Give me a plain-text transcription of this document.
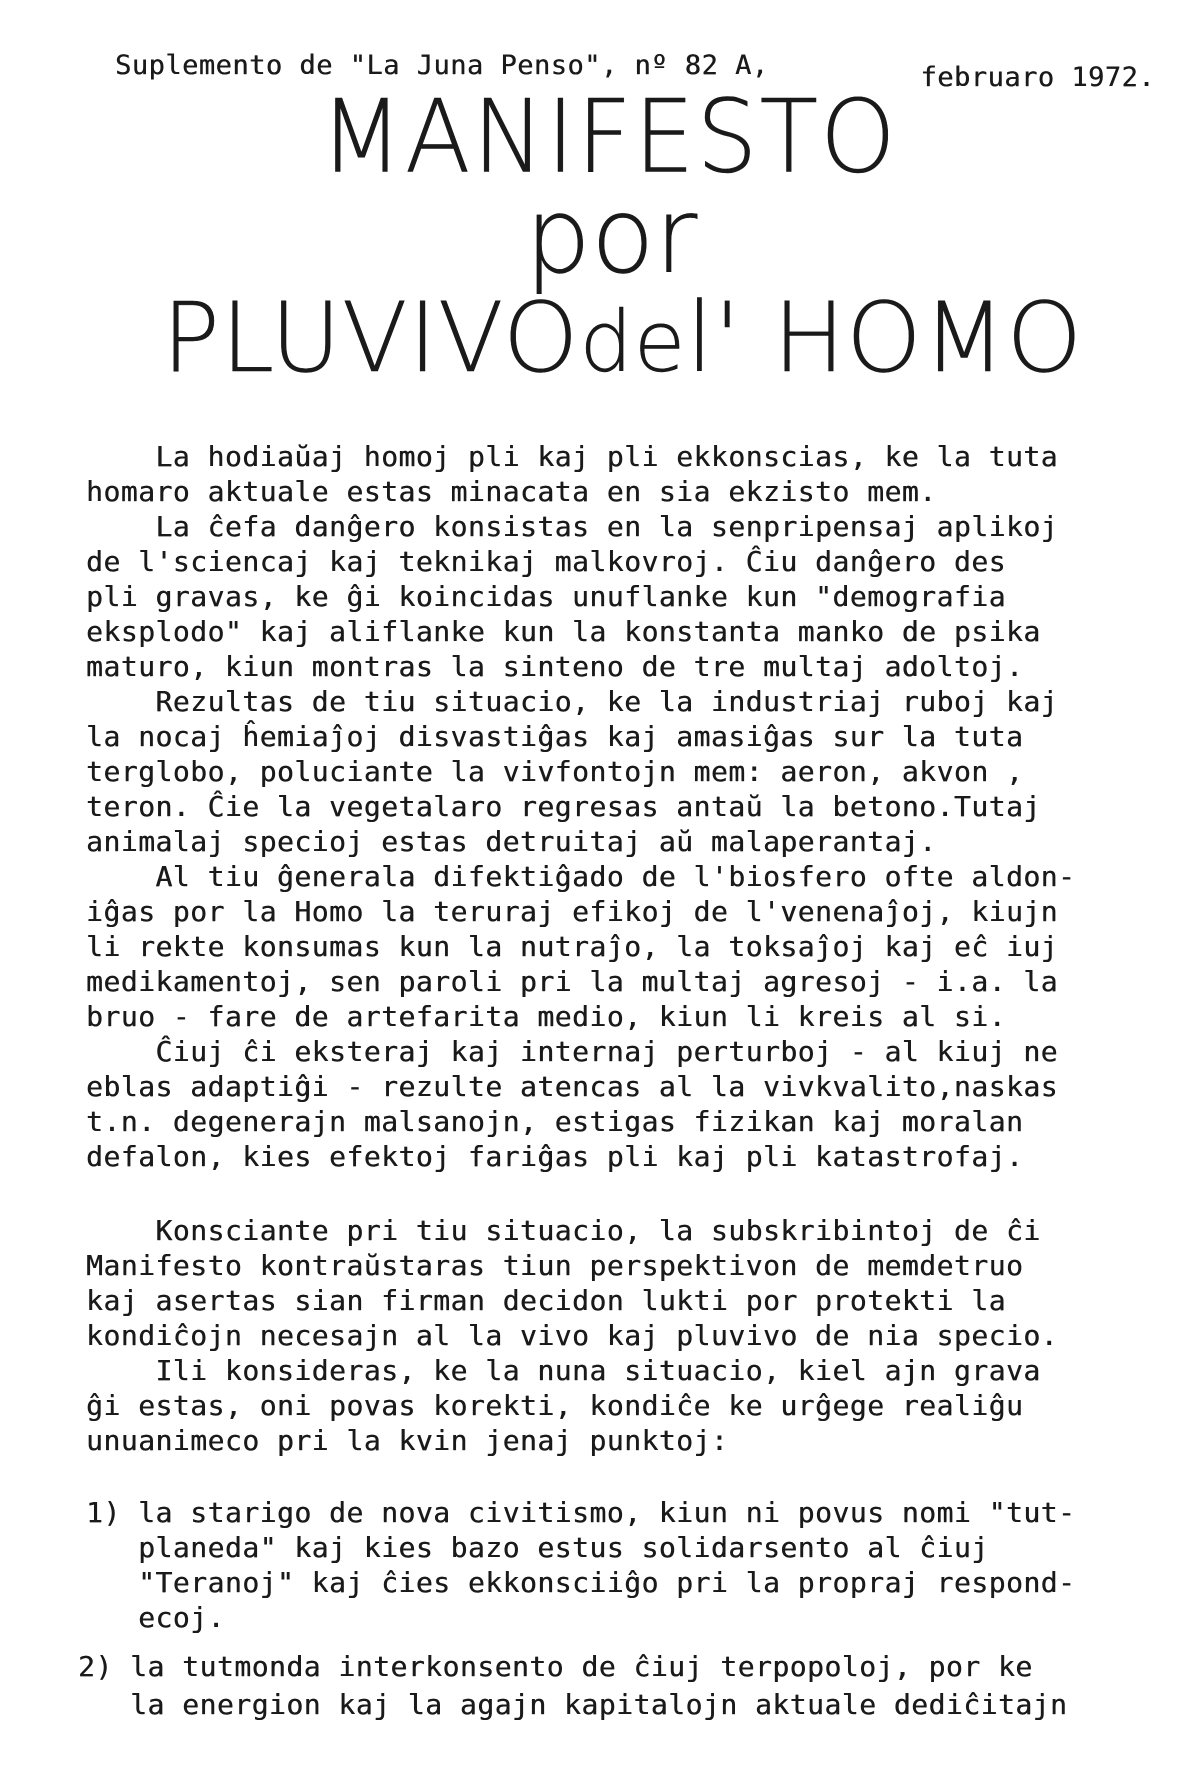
Suplemento de "La Juna Penso", nº 82 A,	februaro 1972.
MANIFESTO
por
PLUVIVOdel' HOMO
La hodiaŭaj homoj pli kaj pli ekkonscias, ke la tuta
homaro aktuale estas minacata en sia ekzisto mem.
La ĉefa danĝero konsistas en la senpripensaj aplikoj
de l'sciencaj kaj teknikaj malkovroj. Ĉiu danĝero des
pli gravas, ke ĝi koincidas unuflanke kun "demografia
eksplodo" kaj aliflanke kun la konstanta manko de psika
maturo, kiun montras la sinteno de tre multaj adoltoj.
Rezultas de tiu situacio, ke la industriaj ruboj kaj
la nocaj ĥemiaĵoj disvastiĝas kaj amasiĝas sur la tuta
terglobo, poluciante la vivfontojn mem: aeron, akvon ,
teron. Ĉie la vegetalaro regresas antaŭ la betono.Tutaj
animalaj specioj estas detruitaj aŭ malaperantaj.
Al tiu ĝenerala difektiĝado de l'biosfero ofte aldon-
iĝas por la Homo la teruraj efikoj de l'venenaĵoj, kiujn
li rekte konsumas kun la nutraĵo, la toksaĵoj kaj eĉ iuj
medikamentoj, sen paroli pri la multaj agresoj - i.a. la
bruo - fare de artefarita medio, kiun li kreis al si.
Ĉiuj ĉi eksteraj kaj internaj perturboj - al kiuj ne
eblas adaptiĝi - rezulte atencas al la vivkvalito,naskas
t.n. degenerajn malsanojn, estigas fizikan kaj moralan
defalon, kies efektoj fariĝas pli kaj pli katastrofaj.
Konsciante pri tiu situacio, la subskribintoj de ĉi
Manifesto kontraŭstaras tiun perspektivon de memdetruo
kaj asertas sian firman decidon lukti por protekti la
kondiĉojn necesajn al la vivo kaj pluvivo de nia specio.
Ili konsideras, ke la nuna situacio, kiel ajn grava
ĝi estas, oni povas korekti, kondiĉe ke urĝege realiĝu
unuanimeco pri la kvin jenaj punktoj:
1) la starigo de nova civitismo, kiun ni povus nomi "tut-
planeda" kaj kies bazo estus solidarsento al ĉiuj
"Teranoj" kaj ĉies ekkonsciiĝo pri la propraj respond-
ecoj.
2) la tutmonda interkonsento de ĉiuj terpopoloj, por ke
la energion kaj la agajn kapitalojn aktuale dediĉitajn
